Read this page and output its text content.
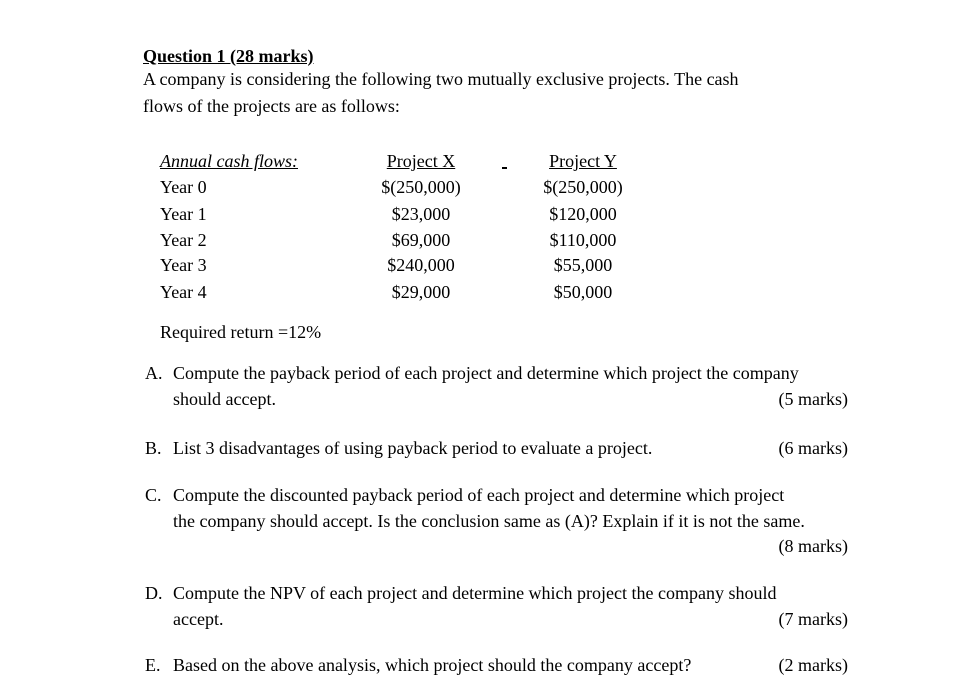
Question 1 (28 marks)
A company is considering the following two mutually exclusive projects. The cash
flows of the projects are as follows:
Annual cash flows:	Project X	Project Y
Year 0	$(250,000)	$(250,000)
Year 1	$23,000	$120,000
Year 2	$69,000	$110,000
Year 3	$240,000	$55,000
Year 4	$29,000	$50,000
Required return =12%
A. Compute the payback period of each project and determine which project the company
should accept.	(5 marks)
B. List 3 disadvantages of using payback period to evaluate a project.	(6 marks)
C. Compute the discounted payback period of each project and determine which project
the company should accept. Is the conclusion same as (A)? Explain if it is not the same.
(8 marks)
D. Compute the NPV of each project and determine which project the company should
accept.	(7 marks)
E. Based on the above analysis, which project should the company accept?	(2 marks)
